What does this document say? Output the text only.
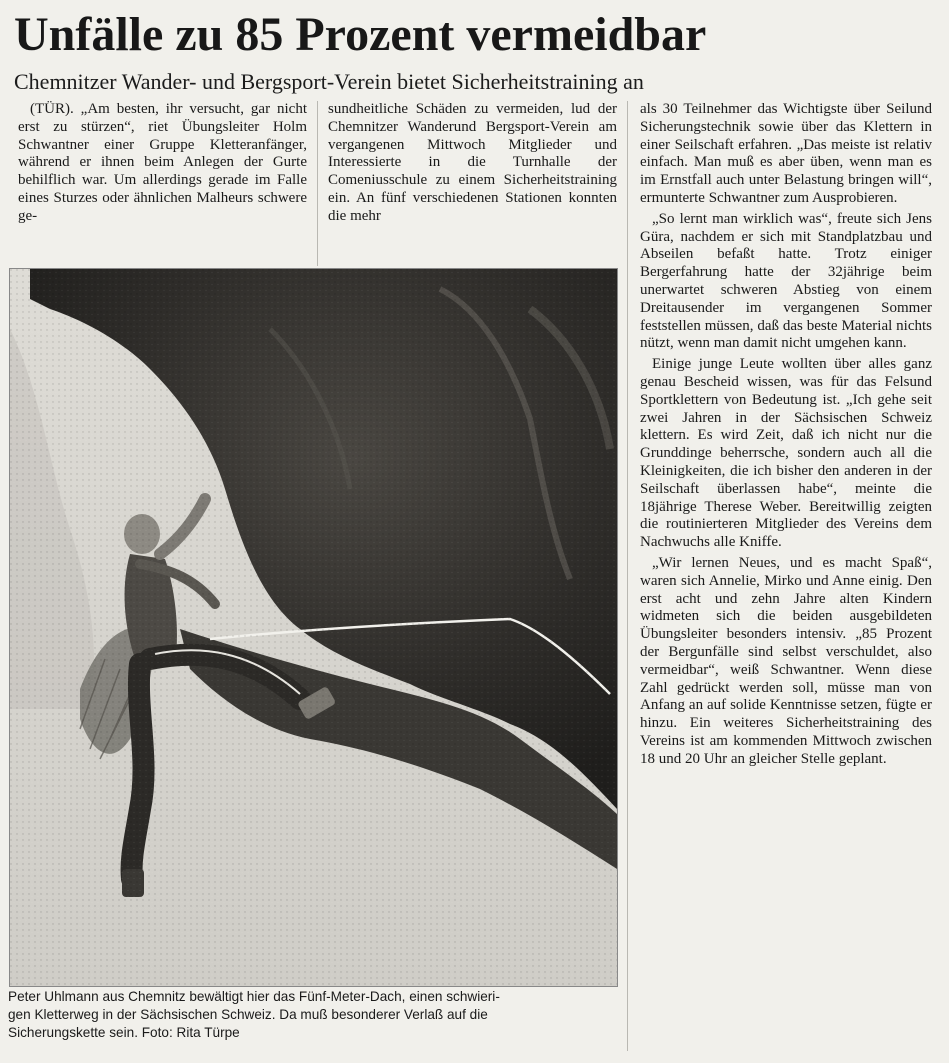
Unfälle zu 85 Prozent vermeidbar
Chemnitzer Wander- und Bergsport-Verein bietet Sicherheitstraining an

(TÜR). „Am besten, ihr versucht, gar nicht erst zu stürzen“, riet Übungsleiter Holm Schwantner einer Gruppe Kletteranfänger, während er ihnen beim Anlegen der Gurte behilflich war. Um allerdings gerade im Falle eines Sturzes oder ähnlichen Malheurs schwere ge-

sundheitliche Schäden zu vermeiden, lud der Chemnitzer Wanderund Bergsport-Verein am vergangenen Mittwoch Mitglieder und Interessierte in die Turnhalle der Comeniusschule zu einem Sicherheitstraining ein. An fünf verschiedenen Stationen konnten die mehr

als 30 Teilnehmer das Wichtigste über Seilund Sicherungstechnik sowie über das Klettern in einer Seilschaft erfahren. „Das meiste ist relativ einfach. Man muß es aber üben, wenn man es im Ernstfall auch unter Belastung bringen will“, ermunterte Schwantner zum Ausprobieren.

„So lernt man wirklich was“, freute sich Jens Güra, nachdem er sich mit Standplatzbau und Abseilen befaßt hatte. Trotz einiger Bergerfahrung hatte der 32jährige beim unerwartet schweren Abstieg von einem Dreitausender im vergangenen Sommer feststellen müssen, daß das beste Material nichts nützt, wenn man damit nicht umgehen kann.

Einige junge Leute wollten über alles ganz genau Bescheid wissen, was für das Felsund Sportklettern von Bedeutung ist. „Ich gehe seit zwei Jahren in der Sächsischen Schweiz klettern. Es wird Zeit, daß ich nicht nur die Grunddinge beherrsche, sondern auch all die Kleinigkeiten, die ich bisher den anderen in der Seilschaft überlassen habe“, meinte die 18jährige Therese Weber. Bereitwillig zeigten die routinierteren Mitglieder des Vereins dem Nachwuchs alle Kniffe.

„Wir lernen Neues, und es macht Spaß“, waren sich Annelie, Mirko und Anne einig. Den erst acht und zehn Jahre alten Kindern widmeten sich die beiden ausgebildeten Übungsleiter besonders intensiv. „85 Prozent der Bergunfälle sind selbst verschuldet, also vermeidbar“, weiß Schwantner. Wenn diese Zahl gedrückt werden soll, müsse man von Anfang an auf solide Kenntnisse setzen, fügte er hinzu. Ein weiteres Sicherheitstraining des Vereins ist am kommenden Mittwoch zwischen 18 und 20 Uhr an gleicher Stelle geplant.

Peter Uhlmann aus Chemnitz bewältigt hier das Fünf-Meter-Dach, einen schwieri-
gen Kletterweg in der Sächsischen Schweiz. Da muß besonderer Verlaß auf die
Sicherungskette sein. Foto: Rita Türpe
